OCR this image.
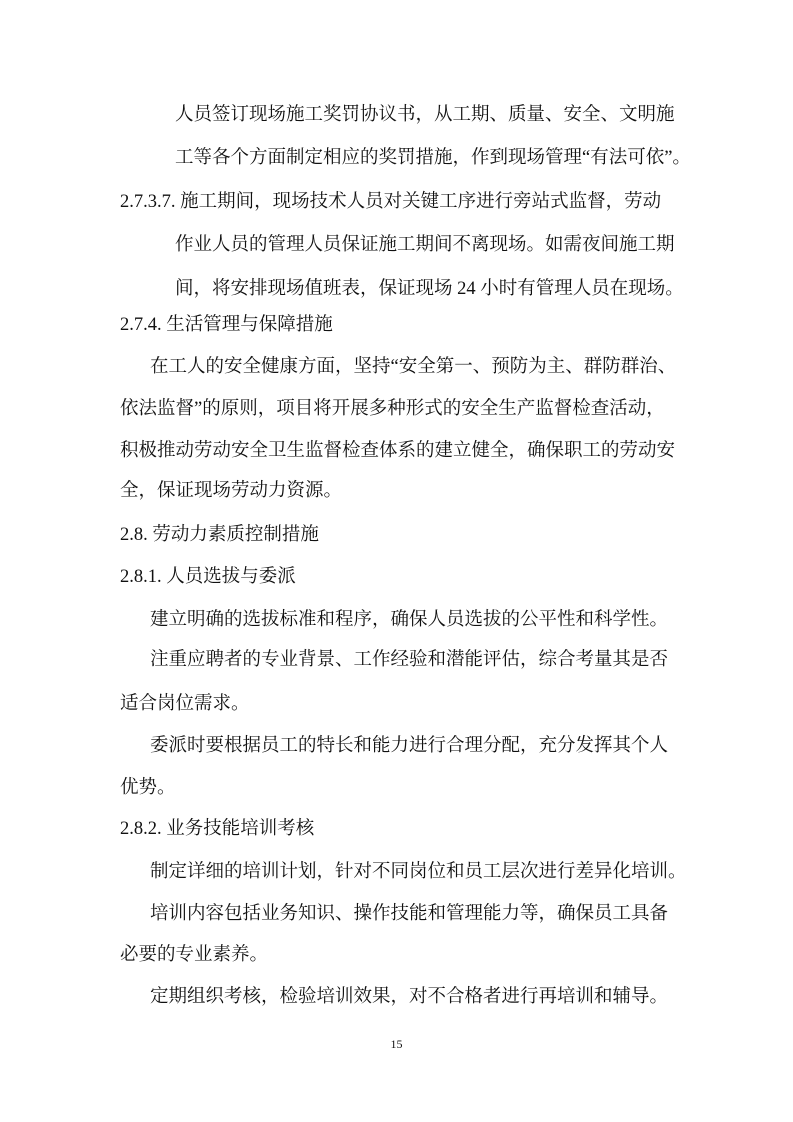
人员签订现场施工奖罚协议书，从工期、质量、安全、文明施
工等各个方面制定相应的奖罚措施，作到现场管理“有法可依”。
2.7.3.7. 施工期间，现场技术人员对关键工序进行旁站式监督，劳动
作业人员的管理人员保证施工期间不离现场。如需夜间施工期
间，将安排现场值班表，保证现场 24 小时有管理人员在现场。
2.7.4. 生活管理与保障措施
在工人的安全健康方面，坚持“安全第一、预防为主、群防群治、
依法监督”的原则，项目将开展多种形式的安全生产监督检查活动，
积极推动劳动安全卫生监督检查体系的建立健全，确保职工的劳动安
全，保证现场劳动力资源。
2.8. 劳动力素质控制措施
2.8.1. 人员选拔与委派
建立明确的选拔标准和程序，确保人员选拔的公平性和科学性。
注重应聘者的专业背景、工作经验和潜能评估，综合考量其是否
适合岗位需求。
委派时要根据员工的特长和能力进行合理分配，充分发挥其个人
优势。
2.8.2. 业务技能培训考核
制定详细的培训计划，针对不同岗位和员工层次进行差异化培训。
培训内容包括业务知识、操作技能和管理能力等，确保员工具备
必要的专业素养。
定期组织考核，检验培训效果，对不合格者进行再培训和辅导。
15
